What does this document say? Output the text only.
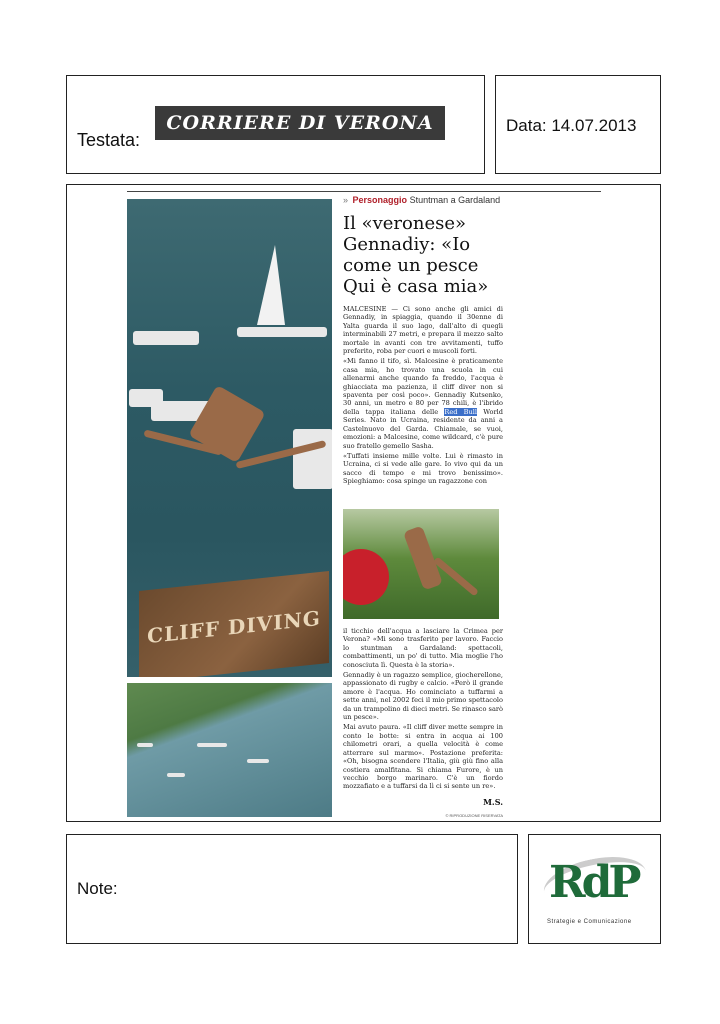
Testata:
CORRIERE DI VERONA	Data: 14.07.2013
CLIFF DIVING
» Personaggio Stuntman a Gardaland
Il «veronese» Gennadiy: «Io come un pesce Qui è casa mia»

MALCESINE — Ci sono anche gli amici di Gennadiy, in spiaggia, quando il 30enne di Yalta guarda il suo lago, dall'alto di quegli interminabili 27 metri, e prepara il mezzo salto mortale in avanti con tre avvitamenti, tuffo preferito, roba per cuori e muscoli forti.

«Mi fanno il tifo, sì. Malcesine è praticamente casa mia, ho trovato una scuola in cui allenarmi anche quando fa freddo, l'acqua è ghiacciata ma pazienza, il cliff diver non si spaventa per così poco». Gennadiy Kutsenko, 30 anni, un metro e 80 per 78 chili, è l'ibrido della tappa italiana delle Red Bull World Series. Nato in Ucraina, residente da anni a Castelnuovo del Garda. Chiamale, se vuoi, emozioni: a Malcesine, come wildcard, c'è pure suo fratello gemello Sasha.

«Tuffati insieme mille volte. Lui è rimasto in Ucraina, ci si vede alle gare. Io vivo qui da un sacco di tempo e mi trovo benissimo». Spieghiamo: cosa spinge un ragazzone con

il ticchio dell'acqua a lasciare la Crimea per Verona? «Mi sono trasferito per lavoro. Faccio lo stuntman a Gardaland: spettacoli, combattimenti, un po' di tutto. Mia moglie l'ho conosciuta lì. Questa è la storia».

Gennadiy è un ragazzo semplice, giocherellone, appassionato di rugby e calcio. «Però il grande amore è l'acqua. Ho cominciato a tuffarmi a sette anni, nel 2002 feci il mio primo spettacolo da un trampolino di dieci metri. Se rinasco sarò un pesce».

Mai avuto paura. «Il cliff diver mette sempre in conto le botte: si entra in acqua ai 100 chilometri orari, a quella velocità è come atterrare sul marmo». Postazione preferita: «Oh, bisogna scendere l'Italia, giù giù fino alla costiera amalfitana. Si chiama Furore, è un vecchio borgo marinaro. C'è un fiordo mozzafiato e a tuffarsi da lì ci si sente un re».

M.S.
© RIPRODUZIONE RISERVATA
Note:	RdP
Strategie e Comunicazione
